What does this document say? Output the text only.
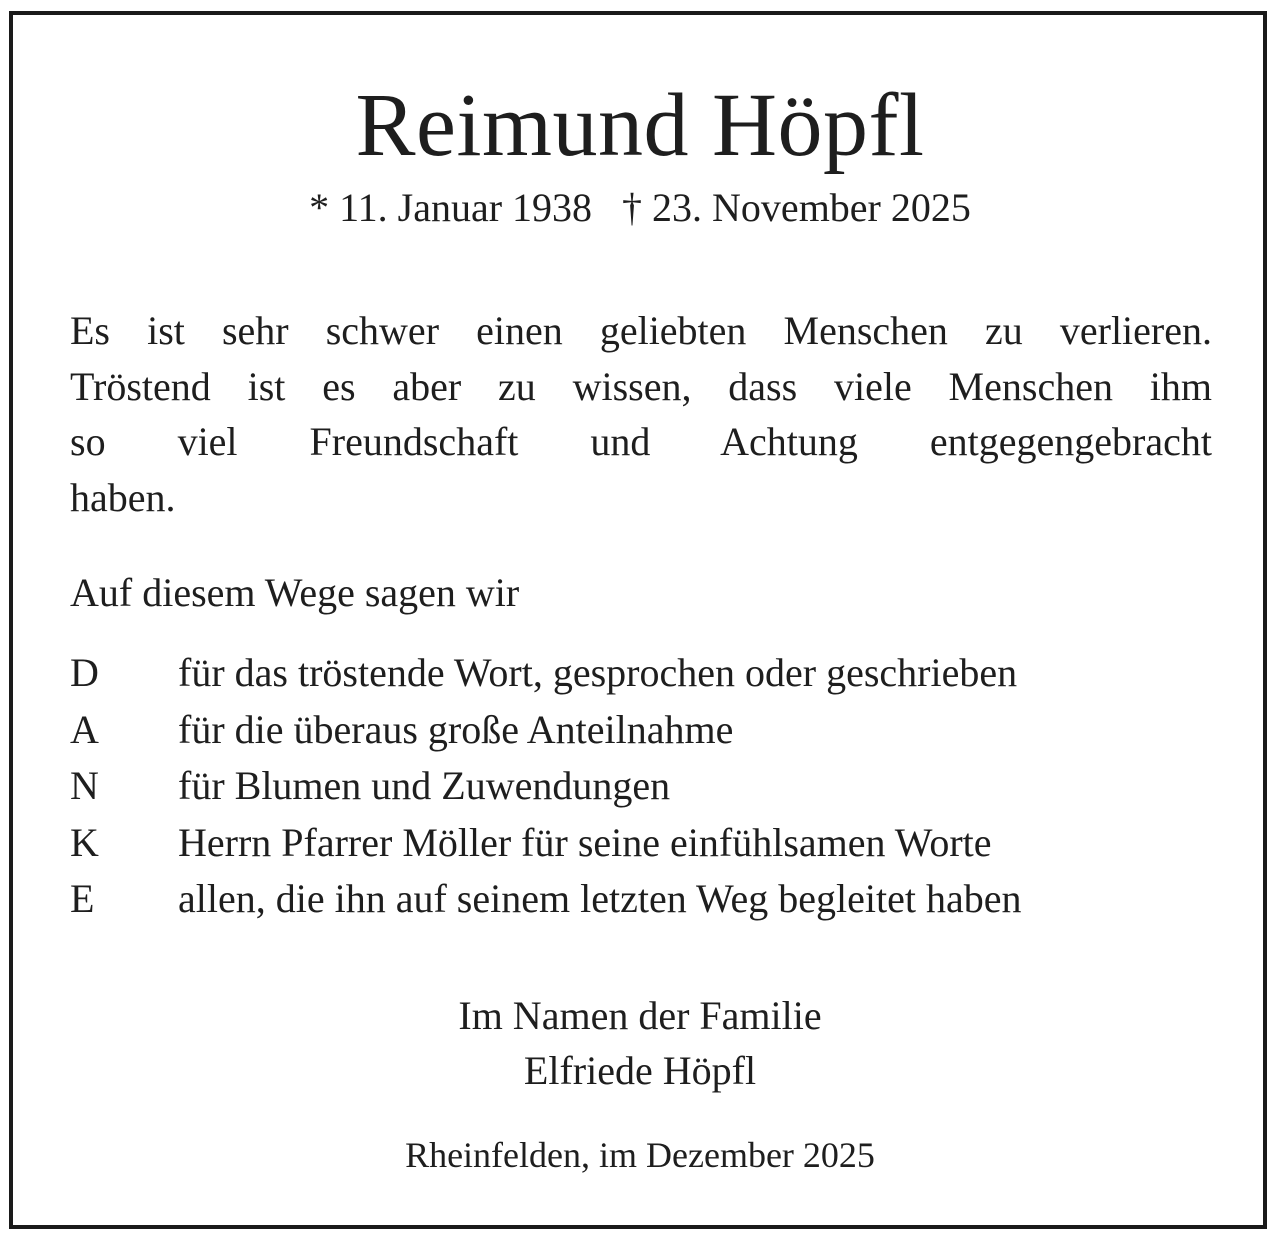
Reimund Höpfl
* 11. Januar 1938 † 23. November 2025
Es ist sehr schwer einen geliebten Menschen zu verlieren.
Tröstend ist es aber zu wissen, dass viele Menschen ihm
so viel Freundschaft und Achtung entgegengebracht
haben.
Auf diesem Wege sagen wir
D für das tröstende Wort, gesprochen oder geschrieben
A für die überaus große Anteilnahme
N für Blumen und Zuwendungen
K Herrn Pfarrer Möller für seine einfühlsamen Worte
E allen, die ihn auf seinem letzten Weg begleitet haben
Im Namen der Familie
Elfriede Höpfl
Rheinfelden, im Dezember 2025
